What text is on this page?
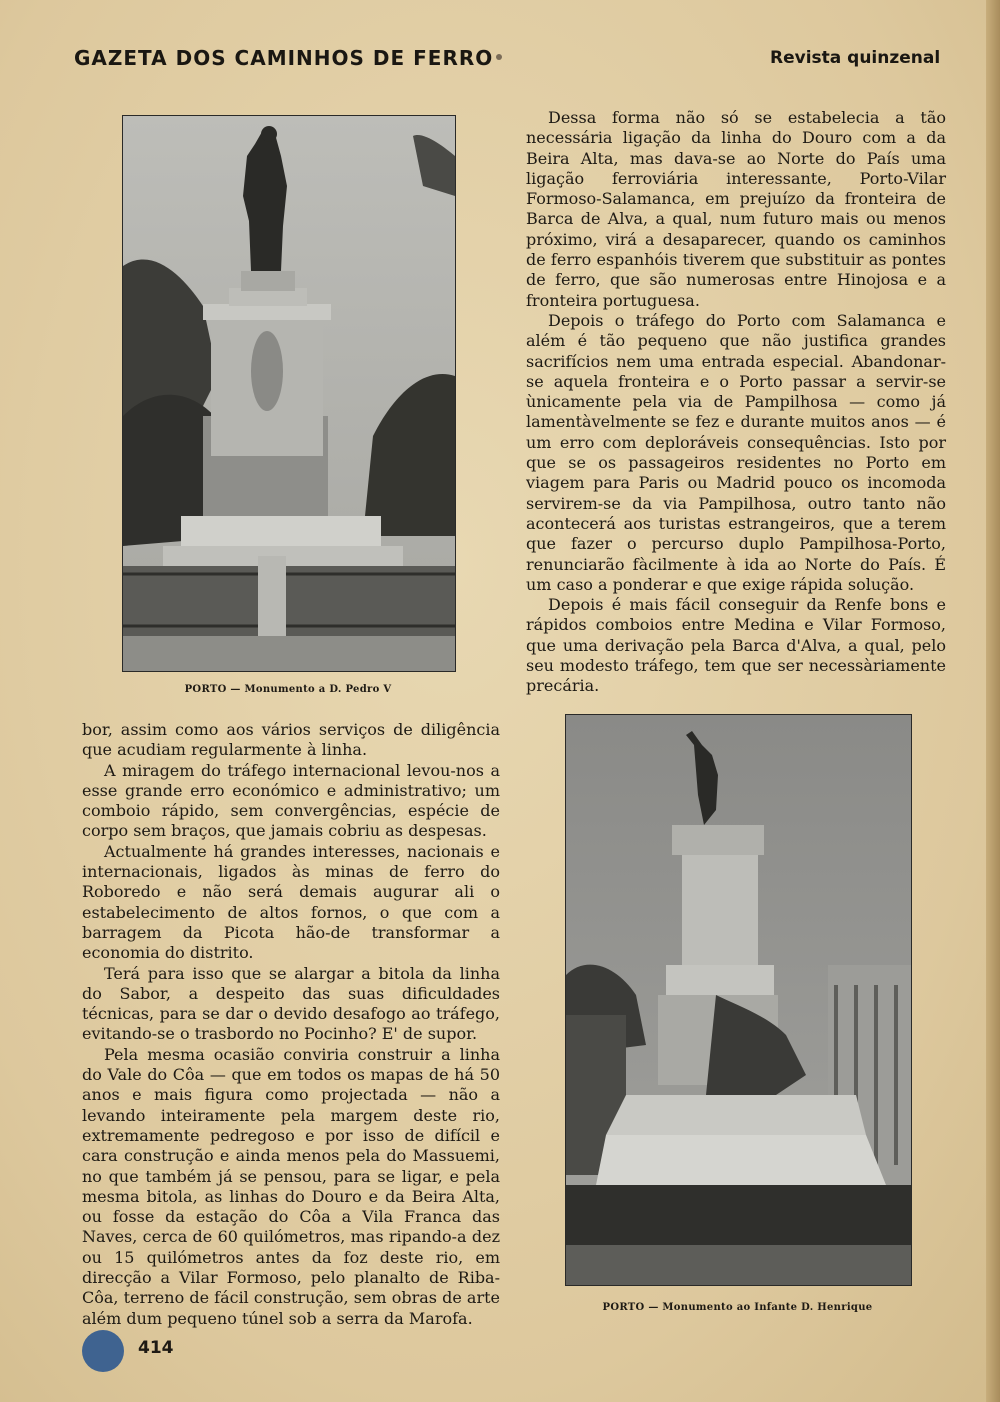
GAZETA DOS CAMINHOS DE FERRO	Revista quinzenal
PORTO — Monumento a D. Pedro V

Dessa forma não só se estabelecia a tão necessária ligação da linha do Douro com a da Beira Alta, mas dava-se ao Norte do País uma ligação ferroviária interessante, Porto-Vilar Formoso-Salamanca, em prejuízo da fronteira de Barca de Alva, a qual, num futuro mais ou menos próximo, virá a desaparecer, quando os caminhos de ferro espanhóis tiverem que substituir as pontes de ferro, que são numerosas entre Hinojosa e a fronteira portuguesa.

Depois o tráfego do Porto com Salamanca e além é tão pequeno que não justifica grandes sacrifícios nem uma entrada especial. Abandonar-se aquela fronteira e o Porto passar a servir-se ùnicamente pela via de Pampilhosa — como já lamentàvelmente se fez e durante muitos anos — é um erro com deploráveis consequências. Isto por que se os passageiros residentes no Porto em viagem para Paris ou Madrid pouco os incomoda servirem-se da via Pampilhosa, outro tanto não acontecerá aos turistas estrangeiros, que a terem que fazer o percurso duplo Pampilhosa-Porto, renunciarão fàcilmente à ida ao Norte do País. É um caso a ponderar e que exige rápida solução.

Depois é mais fácil conseguir da Renfe bons e rápidos comboios entre Medina e Vilar Formoso, que uma derivação pela Barca d'Alva, a qual, pelo seu modesto tráfego, tem que ser necessàriamente precária.

bor, assim como aos vários serviços de diligência que acudiam regularmente à linha.

A miragem do tráfego internacional levou-nos a esse grande erro económico e administrativo; um comboio rápido, sem convergências, espécie de corpo sem braços, que jamais cobriu as despesas.

Actualmente há grandes interesses, nacionais e internacionais, ligados às minas de ferro do Roboredo e não será demais augurar ali o estabelecimento de altos fornos, o que com a barragem da Picota hão-de transformar a economia do distrito.

Terá para isso que se alargar a bitola da linha do Sabor, a despeito das suas dificuldades técnicas, para se dar o devido desafogo ao tráfego, evitando-se o trasbordo no Pocinho? E' de supor.

Pela mesma ocasião conviria construir a linha do Vale do Côa — que em todos os mapas de há 50 anos e mais figura como projectada — não a levando inteiramente pela margem deste rio, extremamente pedregoso e por isso de difícil e cara construção e ainda menos pela do Massuemi, no que também já se pensou, para se ligar, e pela mesma bitola, as linhas do Douro e da Beira Alta, ou fosse da estação do Côa a Vila Franca das Naves, cerca de 60 quilómetros, mas ripando-a dez ou 15 quilómetros antes da foz deste rio, em direcção a Vilar Formoso, pelo planalto de Riba-Côa, terreno de fácil construção, sem obras de arte além dum pequeno túnel sob a serra da Marofa.

PORTO — Monumento ao Infante D. Henrique
414
